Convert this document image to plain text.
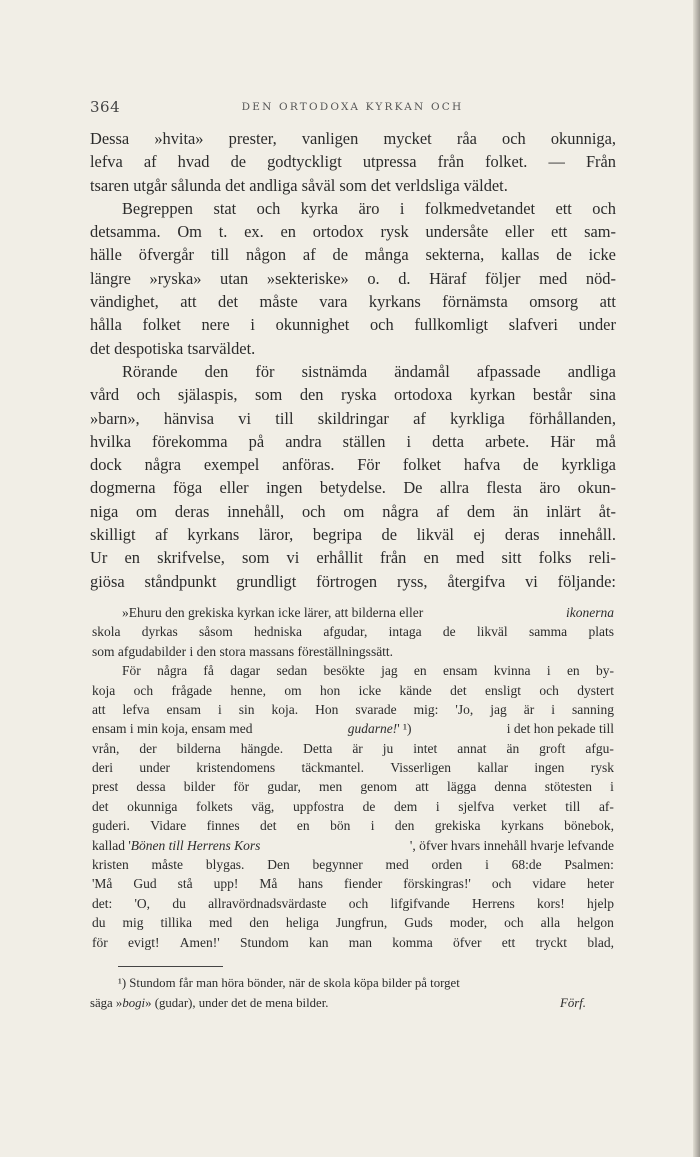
364	DEN ORTODOXA KYRKAN OCH
Dessa »hvita» prester, vanligen mycket råa och okunniga,
lefva af hvad de godtyckligt utpressa från folket. — Från
tsaren utgår sålunda det andliga såväl som det verldsliga väldet.
Begreppen stat och kyrka äro i folkmedvetandet ett och
detsamma. Om t. ex. en ortodox rysk undersåte eller ett sam-
hälle öfvergår till någon af de många sekterna, kallas de icke
längre »ryska» utan »sekteriske» o. d. Häraf följer med nöd-
vändighet, att det måste vara kyrkans förnämsta omsorg att
hålla folket nere i okunnighet och fullkomligt slafveri under
det despotiska tsarväldet.
Rörande den för sistnämda ändamål afpassade andliga
vård och själaspis, som den ryska ortodoxa kyrkan består sina
»barn», hänvisa vi till skildringar af kyrkliga förhållanden,
hvilka förekomma på andra ställen i detta arbete. Här må
dock några exempel anföras. För folket hafva de kyrkliga
dogmerna föga eller ingen betydelse. De allra flesta äro okun-
niga om deras innehåll, och om några af dem än inlärt åt-
skilligt af kyrkans läror, begripa de likväl ej deras innehåll.
Ur en skrifvelse, som vi erhållit från en med sitt folks reli-
giösa ståndpunkt grundligt förtrogen ryss, återgifva vi följande:
»Ehuru den grekiska kyrkan icke lärer, att bilderna eller	ikonerna
skola dyrkas såsom hedniska afgudar, intaga de likväl samma plats
som afgudabilder i den stora massans föreställningssätt.
För några få dagar sedan besökte jag en ensam kvinna i en by-
koja och frågade henne, om hon icke kände det ensligt och dystert
att lefva ensam i sin koja. Hon svarade mig: 'Jo, jag är i sanning
ensam i min koja, ensam med	gudarne!' ¹)	i det hon pekade till
vrån, der bilderna hängde. Detta är ju intet annat än groft afgu-
deri under kristendomens täckmantel. Visserligen kallar ingen rysk
prest dessa bilder för gudar, men genom att lägga denna stötesten i
det okunniga folkets väg, uppfostra de dem i sjelfva verket till af-
guderi. Vidare finnes det en bön i den grekiska kyrkans bönebok,
kallad 'Bönen till Herrens Kors	', öfver hvars innehåll hvarje lefvande
kristen måste blygas. Den begynner med orden i 68:de Psalmen:
'Må Gud stå upp! Må hans fiender förskingras!' och vidare heter
det: 'O, du allravördnadsvärdaste och lifgifvande Herrens kors! hjelp
du mig tillika med den heliga Jungfrun, Guds moder, och alla helgon
för evigt! Amen!' Stundom kan man komma öfver ett tryckt blad,
¹) Stundom får man höra bönder, när de skola köpa bilder på torget
säga »bogi» (gudar), under det de mena bilder.	Förf.
